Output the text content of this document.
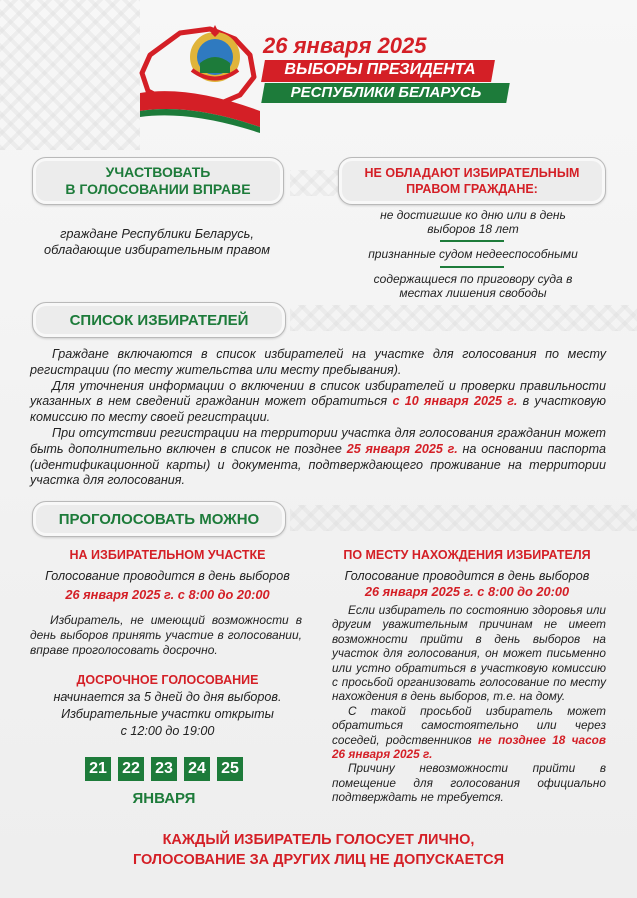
26 января 2025
ВЫБОРЫ ПРЕЗИДЕНТА
РЕСПУБЛИКИ БЕЛАРУСЬ
УЧАСТВОВАТЬ
В ГОЛОСОВАНИИ ВПРАВЕ
граждане Республики Беларусь, обладающие избирательным правом
НЕ ОБЛАДАЮТ ИЗБИРАТЕЛЬНЫМ
ПРАВОМ ГРАЖДАНЕ:
не достигшие ко дню или в день выборов 18 лет
признанные судом недееспособными
содержащиеся по приговору суда в местах лишения свободы
СПИСОК ИЗБИРАТЕЛЕЙ
Граждане включаются в список избирателей на участке для голосования по месту регистрации (по месту жительства или месту пребывания).
Для уточнения информации о включении в список избирателей и проверки правильности указанных в нем сведений гражданин может обратиться с 10 января 2025 г. в участковую комиссию по месту своей регистрации.
При отсутствии регистрации на территории участка для голосования гражданин может быть дополнительно включен в список не позднее 25 января 2025 г. на основании паспорта (идентификационной карты) и документа, подтверждающего проживание на территории участка для голосования.
ПРОГОЛОСОВАТЬ МОЖНО
НА ИЗБИРАТЕЛЬНОМ УЧАСТКЕ
Голосование проводится в день выборов
26 января 2025 г. с 8:00 до 20:00
Избиратель, не имеющий возможности в день выборов принять участие в голосовании, вправе проголосовать досрочно.
ДОСРОЧНОЕ ГОЛОСОВАНИЕ
начинается за 5 дней до дня выборов.
Избирательные участки открыты
с 12:00 до 19:00
21 22 23 24 25
ЯНВАРЯ
ПО МЕСТУ НАХОЖДЕНИЯ ИЗБИРАТЕЛЯ
Голосование проводится в день выборов
26 января 2025 г. с 8:00 до 20:00
Если избиратель по состоянию здоровья или другим уважительным причинам не имеет возможности прийти в день выборов на участок для голосования, он может письменно или устно обратиться в участковую комиссию с просьбой организовать голосование по месту нахождения в день выборов, т.е. на дому.
С такой просьбой избиратель может обратиться самостоятельно или через соседей, родственников не позднее 18 часов 26 января 2025 г.
Причину невозможности прийти в помещение для голосования официально подтверждать не требуется.
КАЖДЫЙ ИЗБИРАТЕЛЬ ГОЛОСУЕТ ЛИЧНО,
ГОЛОСОВАНИЕ ЗА ДРУГИХ ЛИЦ НЕ ДОПУСКАЕТСЯ
